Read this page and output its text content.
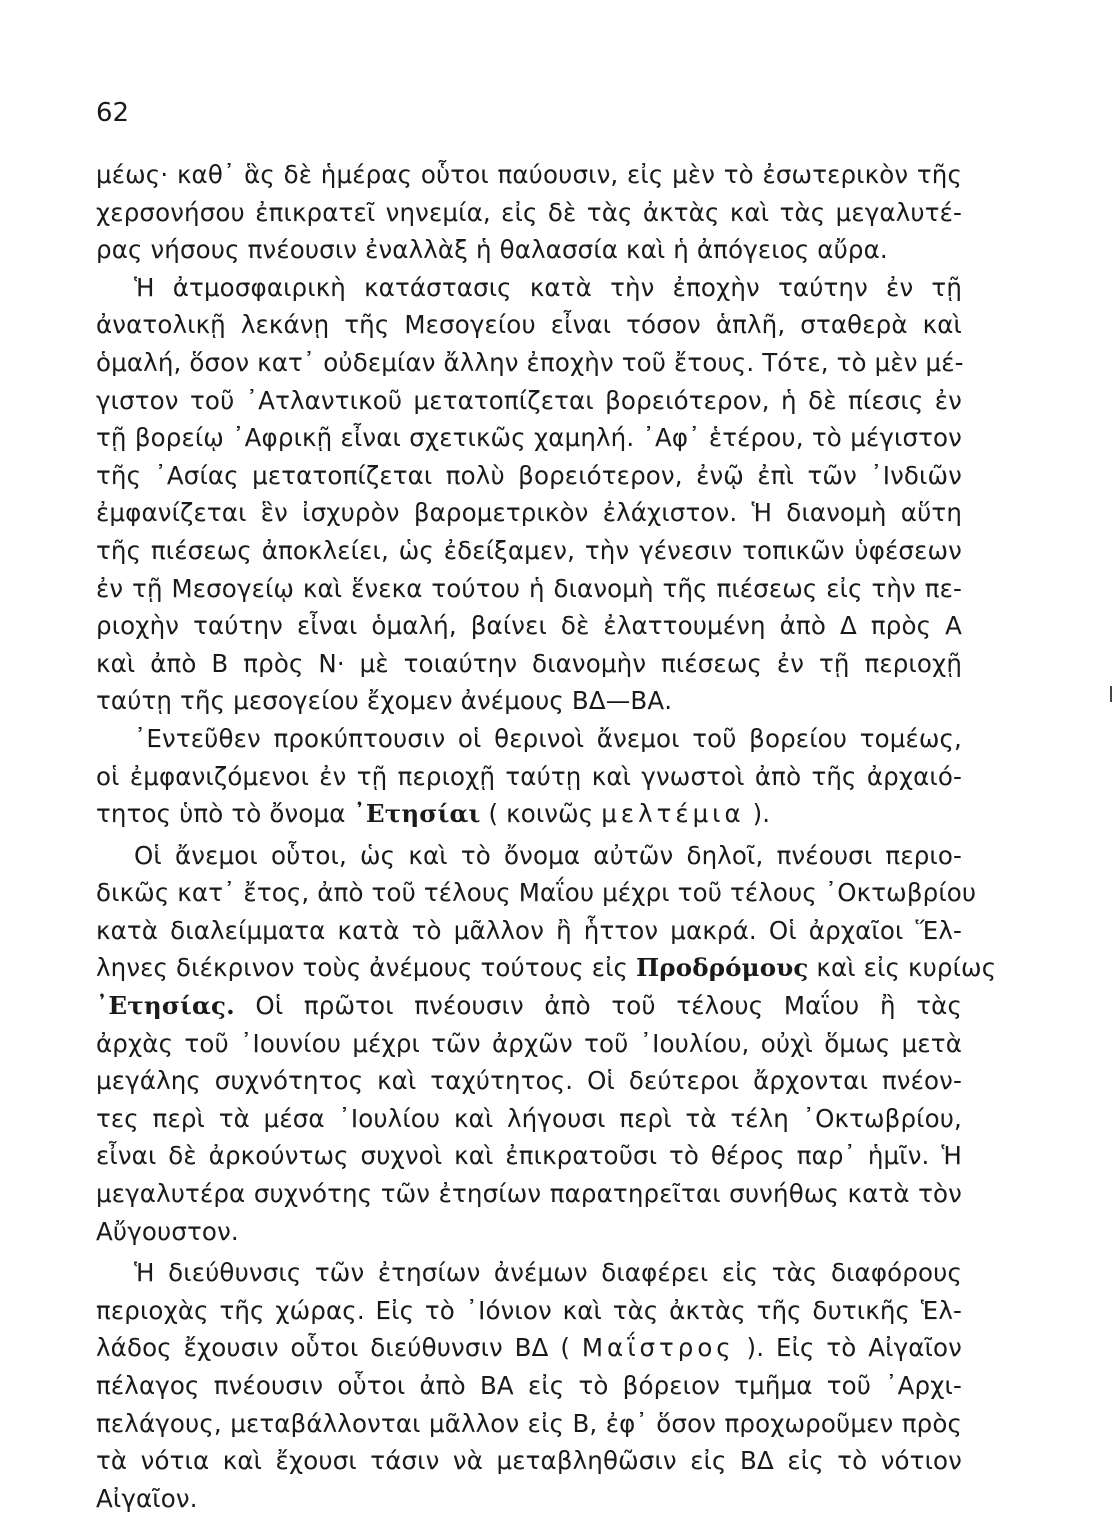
62
μέως· καθ᾽ ἃς δὲ ἡμέρας οὗτοι παύουσιν, εἰς μὲν τὸ ἐσωτερικὸν τῆς
χερσονήσου ἐπικρατεῖ νηνεμία, εἰς δὲ τὰς ἀκτὰς καὶ τὰς μεγαλυτέ-
ρας νήσους πνέουσιν ἐναλλὰξ ἡ θαλασσία καὶ ἡ ἀπόγειος αὔρα.
Ἡ ἀτμοσφαιρικὴ κατάστασις κατὰ τὴν ἐποχὴν ταύτην ἐν τῇ
ἀνατολικῇ λεκάνῃ τῆς Μεσογείου εἶναι τόσον ἁπλῆ, σταθερὰ καὶ
ὁμαλή, ὅσον κατ᾽ οὐδεμίαν ἄλλην ἐποχὴν τοῦ ἔτους. Τότε, τὸ μὲν μέ-
γιστον τοῦ ᾽Ατλαντικοῦ μετατοπίζεται βορειότερον, ἡ δὲ πίεσις ἐν
τῇ βορείῳ ᾽Αφρικῇ εἶναι σχετικῶς χαμηλή. ᾽Αφ᾽ ἑτέρου, τὸ μέγιστον
τῆς ᾽Ασίας μετατοπίζεται πολὺ βορειότερον, ἐνῷ ἐπὶ τῶν ᾽Ινδιῶν
ἐμφανίζεται ἓν ἰσχυρὸν βαρομετρικὸν ἐλάχιστον. Ἡ διανομὴ αὕτη
τῆς πιέσεως ἀποκλείει, ὡς ἐδείξαμεν, τὴν γένεσιν τοπικῶν ὑφέσεων
ἐν τῇ Μεσογείῳ καὶ ἕνεκα τούτου ἡ διανομὴ τῆς πιέσεως εἰς τὴν πε-
ριοχὴν ταύτην εἶναι ὁμαλή, βαίνει δὲ ἐλαττουμένη ἀπὸ Δ πρὸς Α
καὶ ἀπὸ Β πρὸς Ν· μὲ τοιαύτην διανομὴν πιέσεως ἐν τῇ περιοχῇ
ταύτῃ τῆς μεσογείου ἔχομεν ἀνέμους ΒΔ—ΒΑ.
᾽Εντεῦθεν προκύπτουσιν οἱ θερινοὶ ἄνεμοι τοῦ βορείου τομέως,
οἱ ἐμφανιζόμενοι ἐν τῇ περιοχῇ ταύτῃ καὶ γνωστοὶ ἀπὸ τῆς ἀρχαιό-
τητος ὑπὸ τὸ ὄνομα ᾽Ετησίαι ( κοινῶς μελτέμια ).
Οἱ ἄνεμοι οὗτοι, ὡς καὶ τὸ ὄνομα αὐτῶν δηλοῖ, πνέουσι περιο-
δικῶς κατ᾽ ἔτος, ἀπὸ τοῦ τέλους Μαΐου μέχρι τοῦ τέλους ᾽Οκτωβρίου
κατὰ διαλείμματα κατὰ τὸ μᾶλλον ἢ ἧττον μακρά. Οἱ ἀρχαῖοι Ἕλ-
ληνες διέκρινον τοὺς ἀνέμους τούτους εἰς Προδρόμους καὶ εἰς κυρίως
᾽Ετησίας. Οἱ πρῶτοι πνέουσιν ἀπὸ τοῦ τέλους Μαΐου ἢ τὰς
ἀρχὰς τοῦ ᾽Ιουνίου μέχρι τῶν ἀρχῶν τοῦ ᾽Ιουλίου, οὐχὶ ὅμως μετὰ
μεγάλης συχνότητος καὶ ταχύτητος. Οἱ δεύτεροι ἄρχονται πνέον-
τες περὶ τὰ μέσα ᾽Ιουλίου καὶ λήγουσι περὶ τὰ τέλη ᾽Οκτωβρίου,
εἶναι δὲ ἀρκούντως συχνοὶ καὶ ἐπικρατοῦσι τὸ θέρος παρ᾽ ἡμῖν. Ἡ
μεγαλυτέρα συχνότης τῶν ἐτησίων παρατηρεῖται συνήθως κατὰ τὸν
Αὔγουστον.
Ἡ διεύθυνσις τῶν ἐτησίων ἀνέμων διαφέρει εἰς τὰς διαφόρους
περιοχὰς τῆς χώρας. Εἰς τὸ ᾽Ιόνιον καὶ τὰς ἀκτὰς τῆς δυτικῆς Ἑλ-
λάδος ἔχουσιν οὗτοι διεύθυνσιν ΒΔ ( Μαΐστρος ). Εἰς τὸ Αἰγαῖον
πέλαγος πνέουσιν οὗτοι ἀπὸ ΒΑ εἰς τὸ βόρειον τμῆμα τοῦ ᾽Αρχι-
πελάγους, μεταβάλλονται μᾶλλον εἰς Β, ἐφ᾽ ὅσον προχωροῦμεν πρὸς
τὰ νότια καὶ ἔχουσι τάσιν νὰ μεταβληθῶσιν εἰς ΒΔ εἰς τὸ νότιον
Αἰγαῖον.
